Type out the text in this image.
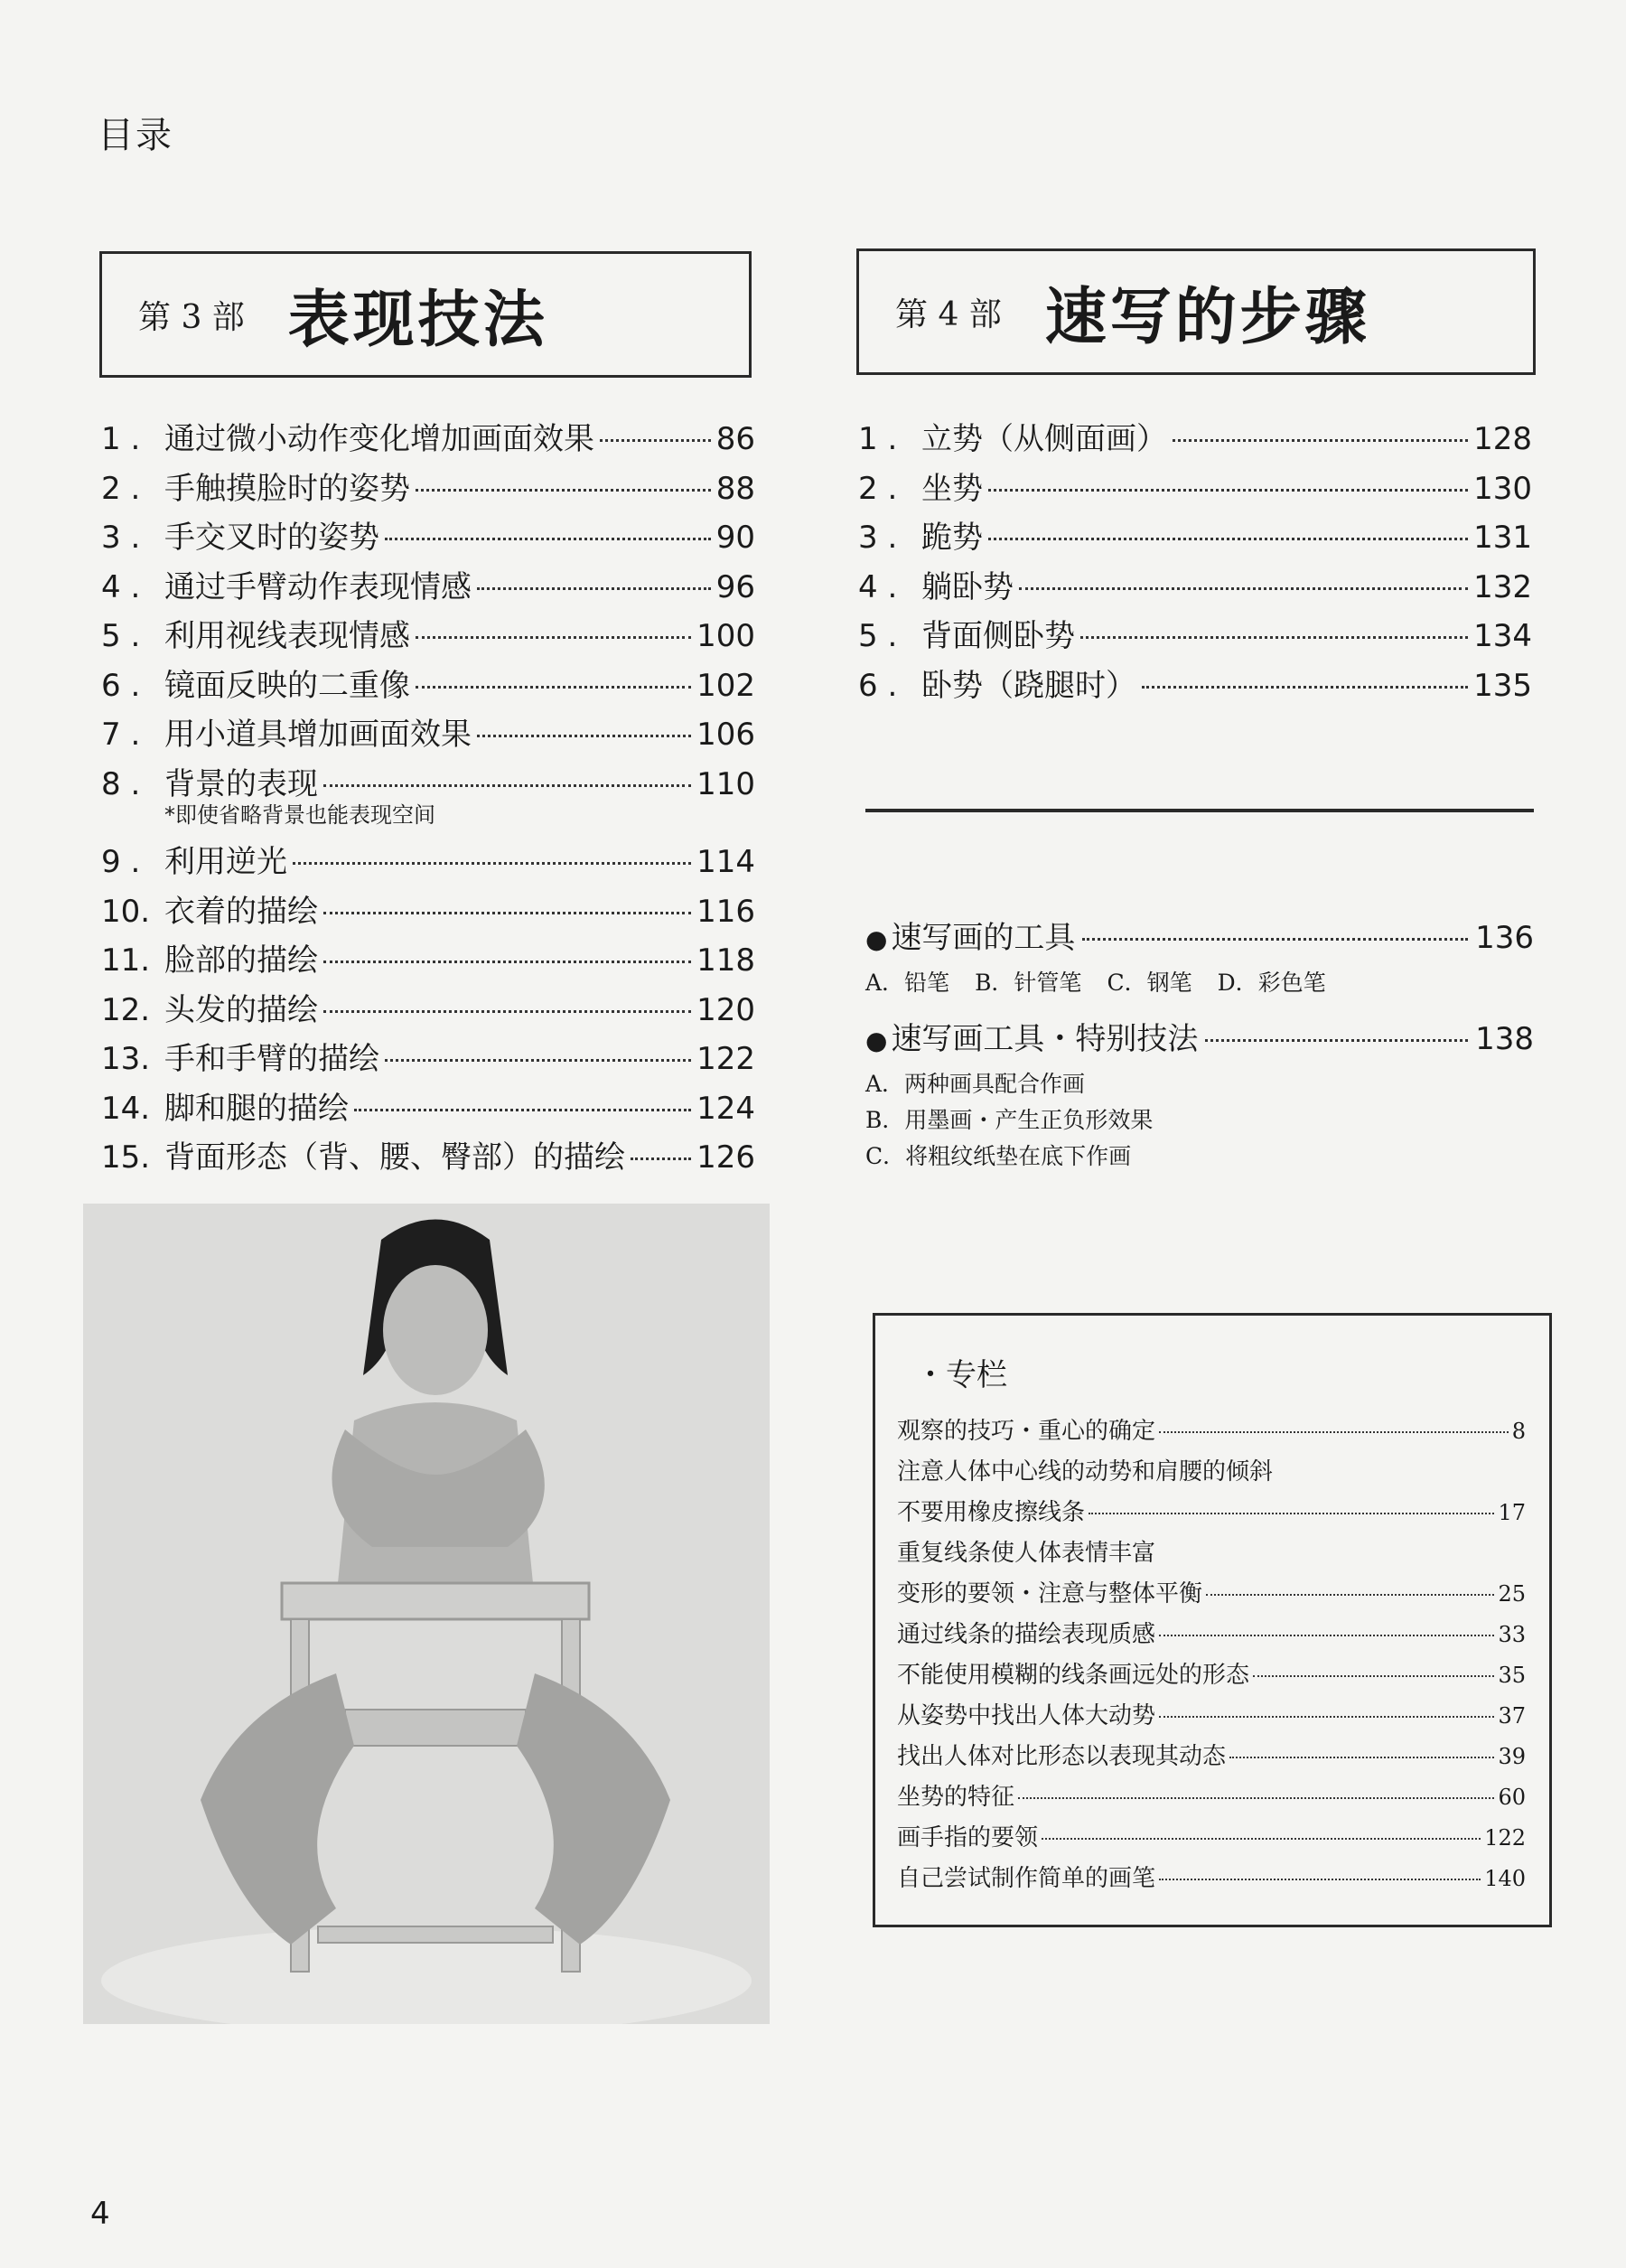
目录
第 3 部 表现技法	第 4 部 速写的步骤
1 . 通过微小动作变化增加画面效果	86
2 . 手触摸脸时的姿势	88
3 . 手交叉时的姿势	90
4 . 通过手臂动作表现情感	96
5 . 利用视线表现情感	100
6 . 镜面反映的二重像	102
7 . 用小道具增加画面效果	106
8 . 背景的表现	110
*即使省略背景也能表现空间
9 . 利用逆光	114
10. 衣着的描绘	116
11. 脸部的描绘	118
12. 头发的描绘	120
13. 手和手臂的描绘	122
14. 脚和腿的描绘	124
15. 背面形态（背、腰、臀部）的描绘 126
1 . 立势（从侧面画）	128
2 . 坐势	130
3 . 跪势	131
4 . 躺卧势	132
5 . 背面侧卧势	134
6 . 卧势（跷腿时）	135
● 速写画的工具	136
A．铅笔 B．针管笔 C．钢笔 D．彩色笔
● 速写画工具・特别技法	138
A．两种画具配合作画
B．用墨画・产生正负形效果
C．将粗纹纸垫在底下作画
・专栏
观察的技巧・重心的确定	8
注意人体中心线的动势和肩腰的倾斜
不要用橡皮擦线条	17
重复线条使人体表情丰富
变形的要领・注意与整体平衡	25
通过线条的描绘表现质感	33
不能使用模糊的线条画远处的形态	35
从姿势中找出人体大动势	37
找出人体对比形态以表现其动态	39
坐势的特征	60
画手指的要领	122
自己尝试制作简单的画笔	140
4
